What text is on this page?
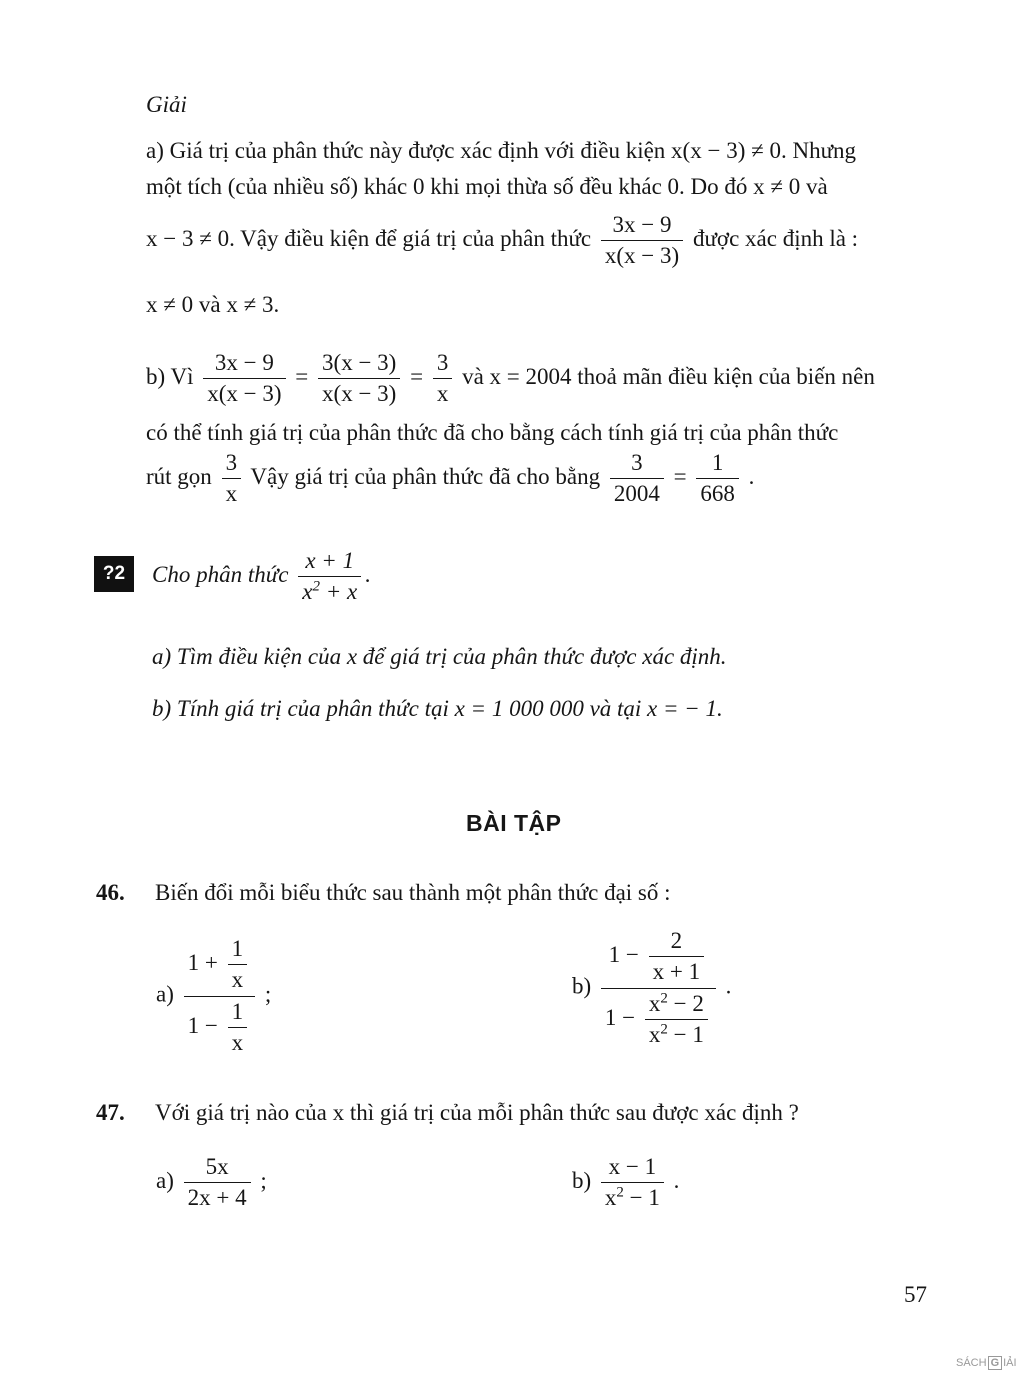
Giải
a) Giá trị của phân thức này được xác định với điều kiện x(x − 3) ≠ 0. Nhưng
một tích (của nhiều số) khác 0 khi mọi thừa số đều khác 0. Do đó x ≠ 0 và
x − 3 ≠ 0. Vậy điều kiện để giá trị của phân thức $\frac{3x - 9}{x(x - 3)}$ được xác định là :
x ≠ 0 và x ≠ 3.
b) Vì $\frac{3x - 9}{x(x - 3)} = \frac{3(x - 3)}{x(x - 3)} = \frac{3}{x}$ và x = 2004 thoả mãn điều kiện của biến nên
có thể tính giá trị của phân thức đã cho bằng cách tính giá trị của phân thức
rút gọn $\frac{3}{x}$ Vậy giá trị của phân thức đã cho bằng $\frac{3}{2004} = \frac{1}{668}$ .
?2	Cho phân thức $\frac{x + 1}{x^2 + x}$ .
a) Tìm điều kiện của x để giá trị của phân thức được xác định.
b) Tính giá trị của phân thức tại x = 1 000 000 và tại x = − 1.
BÀI TẬP
46. Biến đổi mỗi biểu thức sau thành một phân thức đại số :
$a) \frac{1 + \frac{1}{x}}{1 - \frac{1}{x}}$ ;	$b) \frac{1 - \frac{2}{x + 1}}{1 - \frac{x^2 - 2}{x^2 - 1}}$ .
47. Với giá trị nào của x thì giá trị của mỗi phân thức sau được xác định ?
$a) \frac{5x}{2x + 4}$ ;	$b) \frac{x - 1}{x^2 - 1}$ .
57
SÁCH G IẢI
